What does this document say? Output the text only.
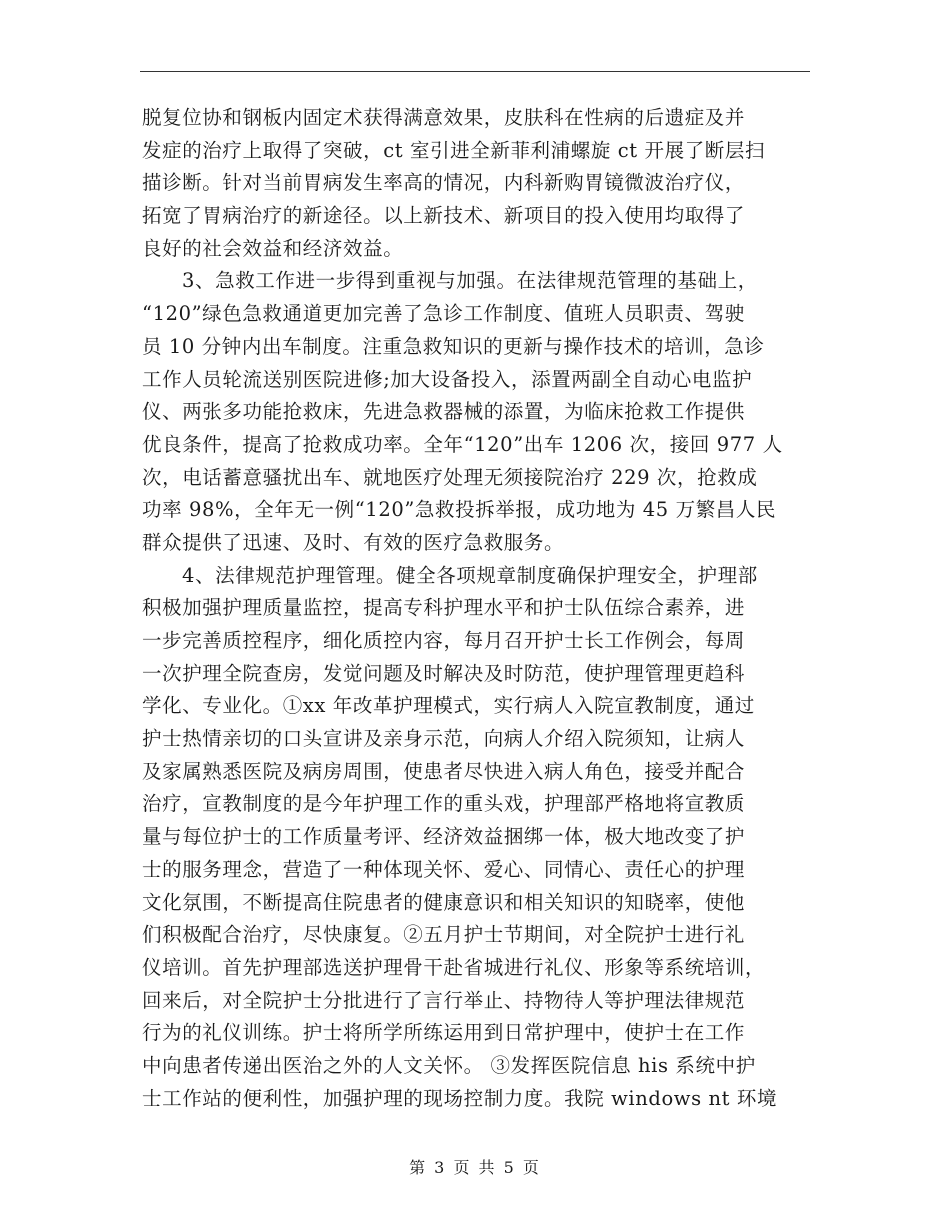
脱复位协和钢板内固定术获得满意效果，皮肤科在性病的后遗症及并
发症的治疗上取得了突破，ct 室引进全新菲利浦螺旋 ct 开展了断层扫
描诊断。针对当前胃病发生率高的情况，内科新购胃镜微波治疗仪，
拓宽了胃病治疗的新途径。以上新技术、新项目的投入使用均取得了
良好的社会效益和经济效益。
3、急救工作进一步得到重视与加强。在法律规范管理的基础上，
“120”绿色急救通道更加完善了急诊工作制度、值班人员职责、驾驶
员 10 分钟内出车制度。注重急救知识的更新与操作技术的培训，急诊
工作人员轮流送别医院进修;加大设备投入，添置两副全自动心电监护
仪、两张多功能抢救床，先进急救器械的添置，为临床抢救工作提供
优良条件，提高了抢救成功率。全年“120”出车 1206 次，接回 977 人
次，电话蓄意骚扰出车、就地医疗处理无须接院治疗 229 次，抢救成
功率 98%，全年无一例“120”急救投拆举报，成功地为 45 万繁昌人民
群众提供了迅速、及时、有效的医疗急救服务。
4、法律规范护理管理。健全各项规章制度确保护理安全，护理部
积极加强护理质量监控，提高专科护理水平和护士队伍综合素养，进
一步完善质控程序，细化质控内容，每月召开护士长工作例会，每周
一次护理全院查房，发觉问题及时解决及时防范，使护理管理更趋科
学化、专业化。①xx 年改革护理模式，实行病人入院宣教制度，通过
护士热情亲切的口头宣讲及亲身示范，向病人介绍入院须知，让病人
及家属熟悉医院及病房周围，使患者尽快进入病人角色，接受并配合
治疗，宣教制度的是今年护理工作的重头戏，护理部严格地将宣教质
量与每位护士的工作质量考评、经济效益捆绑一体，极大地改变了护
士的服务理念，营造了一种体现关怀、爱心、同情心、责任心的护理
文化氛围，不断提高住院患者的健康意识和相关知识的知晓率，使他
们积极配合治疗，尽快康复。②五月护士节期间，对全院护士进行礼
仪培训。首先护理部选送护理骨干赴省城进行礼仪、形象等系统培训，
回来后，对全院护士分批进行了言行举止、持物待人等护理法律规范
行为的礼仪训练。护士将所学所练运用到日常护理中，使护士在工作
中向患者传递出医治之外的人文关怀。 ③发挥医院信息 his 系统中护
士工作站的便利性，加强护理的现场控制力度。我院 windows nt 环境
第 3 页 共 5 页
